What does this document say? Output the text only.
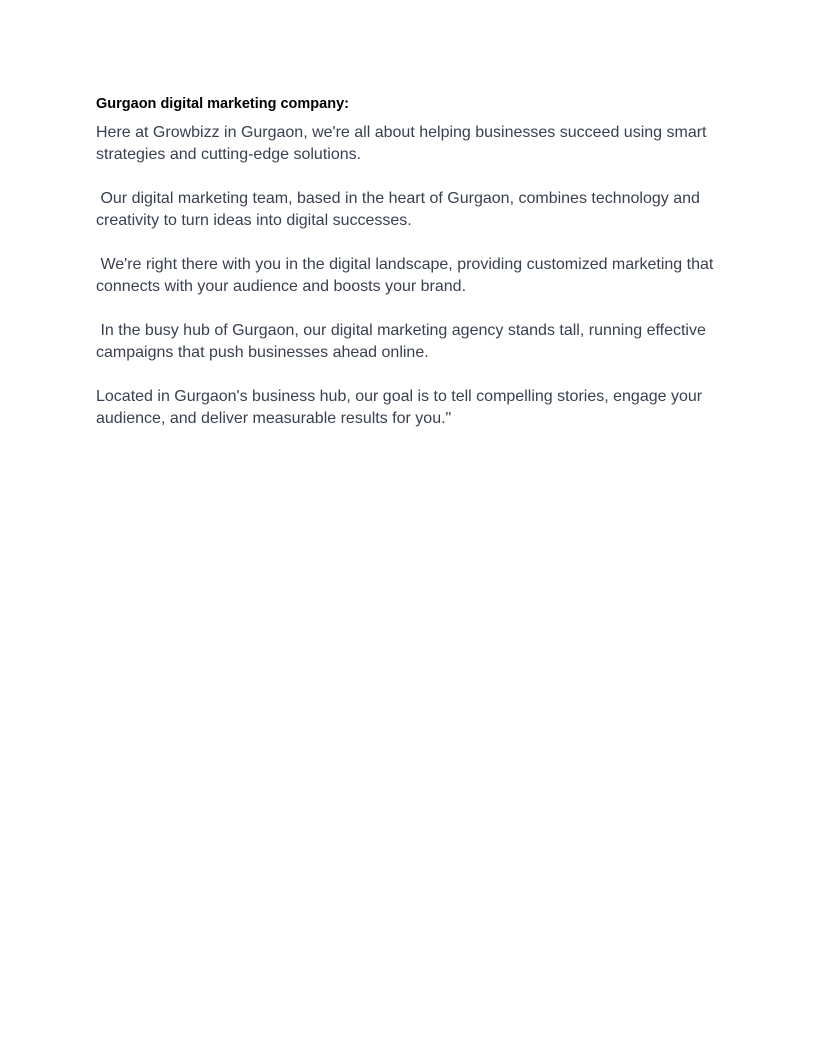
Gurgaon digital marketing company:

Here at Growbizz in Gurgaon, we're all about helping businesses succeed using smart strategies and cutting-edge solutions.

Our digital marketing team, based in the heart of Gurgaon, combines technology and creativity to turn ideas into digital successes.

We're right there with you in the digital landscape, providing customized marketing that connects with your audience and boosts your brand.

In the busy hub of Gurgaon, our digital marketing agency stands tall, running effective campaigns that push businesses ahead online.

Located in Gurgaon's business hub, our goal is to tell compelling stories, engage your audience, and deliver measurable results for you."
